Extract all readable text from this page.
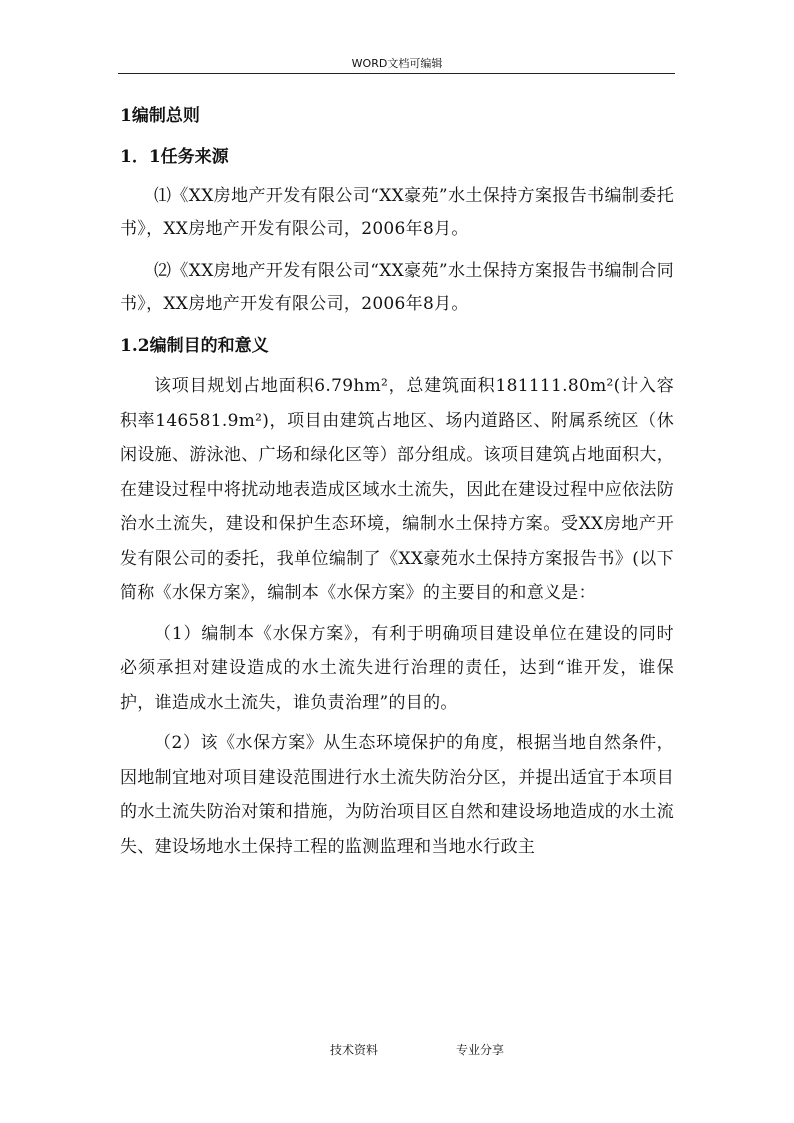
WORD文档可编辑
1编制总则
1．1任务来源

⑴《XX房地产开发有限公司“XX豪苑”水土保持方案报告书编制委托书》，XX房地产开发有限公司，2006年8月。

⑵《XX房地产开发有限公司“XX豪苑”水土保持方案报告书编制合同书》，XX房地产开发有限公司，2006年8月。

1.2编制目的和意义

该项目规划占地面积6.79hm²，总建筑面积181111.80m²(计入容积率146581.9m²)，项目由建筑占地区、场内道路区、附属系统区（休闲设施、游泳池、广场和绿化区等）部分组成。该项目建筑占地面积大，在建设过程中将扰动地表造成区域水土流失，因此在建设过程中应依法防治水土流失，建设和保护生态环境，编制水土保持方案。受XX房地产开发有限公司的委托，我单位编制了《XX豪苑水土保持方案报告书》(以下简称《水保方案》，编制本《水保方案》的主要目的和意义是：

（1）编制本《水保方案》，有利于明确项目建设单位在建设的同时必须承担对建设造成的水土流失进行治理的责任，达到“谁开发，谁保护，谁造成水土流失，谁负责治理”的目的。

（2）该《水保方案》从生态环境保护的角度，根据当地自然条件，因地制宜地对项目建设范围进行水土流失防治分区，并提出适宜于本项目的水土流失防治对策和措施，为防治项目区自然和建设场地造成的水土流失、建设场地水土保持工程的监测监理和当地水行政主

技术资料	专业分享
